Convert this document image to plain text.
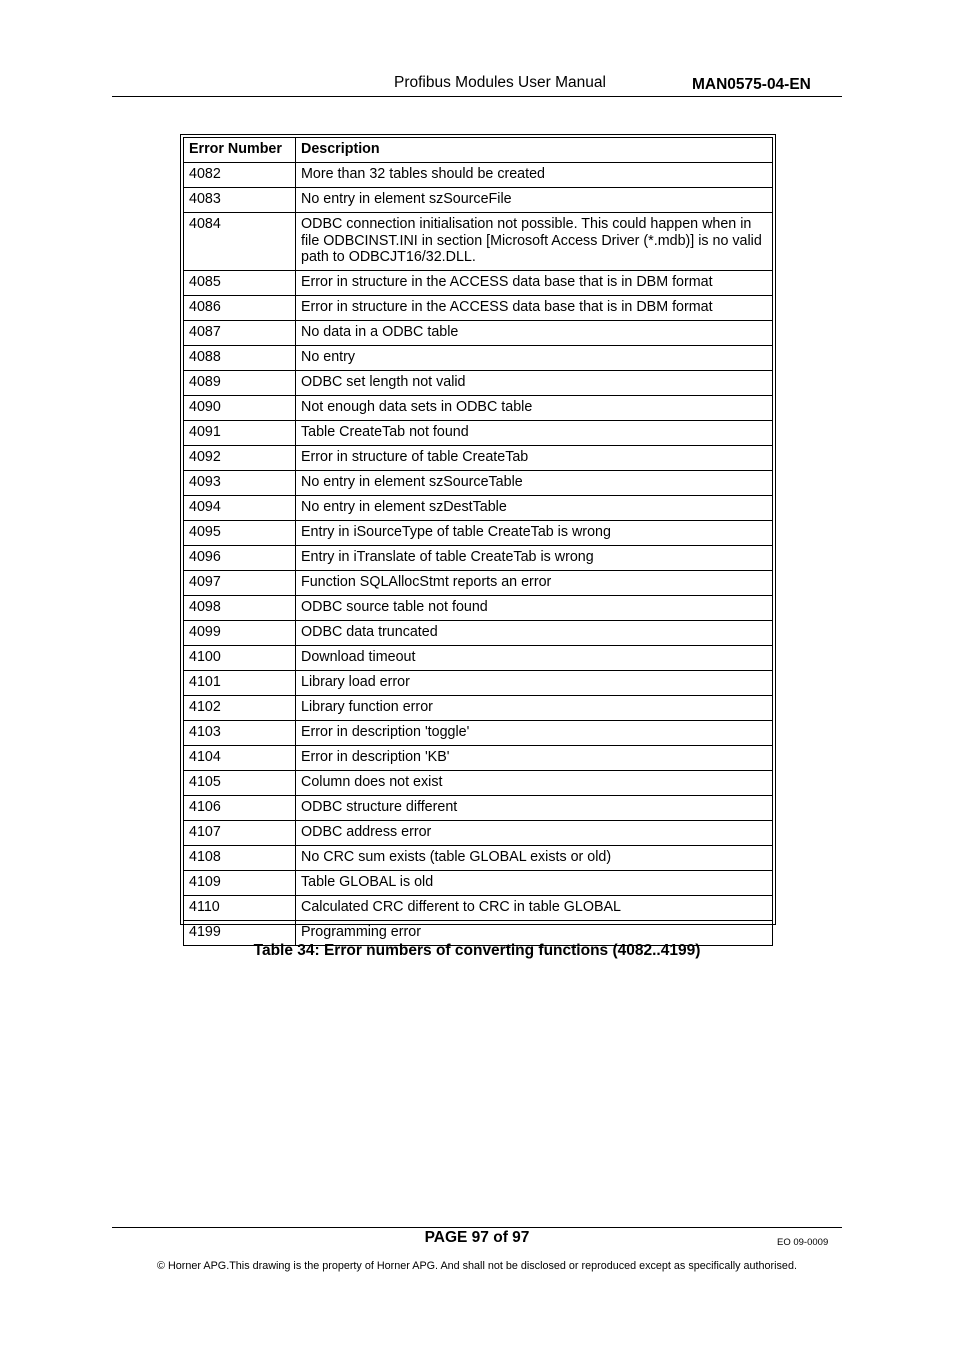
Profibus Modules User Manual	MAN0575-04-EN
Error Number	Description
4082	More than 32 tables should be created
4083	No entry in element szSourceFile
4084	ODBC connection initialisation not possible. This could happen when in file ODBCINST.INI in section [Microsoft Access Driver (*.mdb)] is no valid path to ODBCJT16/32.DLL.
4085	Error in structure in the ACCESS data base that is in DBM format
4086	Error in structure in the ACCESS data base that is in DBM format
4087	No data in a ODBC table
4088	No entry
4089	ODBC set length not valid
4090	Not enough data sets in ODBC table
4091	Table CreateTab not found
4092	Error in structure of table CreateTab
4093	No entry in element szSourceTable
4094	No entry in element szDestTable
4095	Entry in iSourceType of table CreateTab is wrong
4096	Entry in iTranslate of table CreateTab is wrong
4097	Function SQLAllocStmt reports an error
4098	ODBC source table not found
4099	ODBC data truncated
4100	Download timeout
4101	Library load error
4102	Library function error
4103	Error in description 'toggle'
4104	Error in description 'KB'
4105	Column does not exist
4106	ODBC structure different
4107	ODBC address error
4108	No CRC sum exists (table GLOBAL exists or old)
4109	Table GLOBAL is old
4110	Calculated CRC different to CRC in table GLOBAL
4199	Programming error
Table 34: Error numbers of converting functions (4082..4199)
PAGE 97 of 97	EO 09-0009
© Horner APG.This drawing is the property of Horner APG. And shall not be disclosed or reproduced except as specifically authorised.
